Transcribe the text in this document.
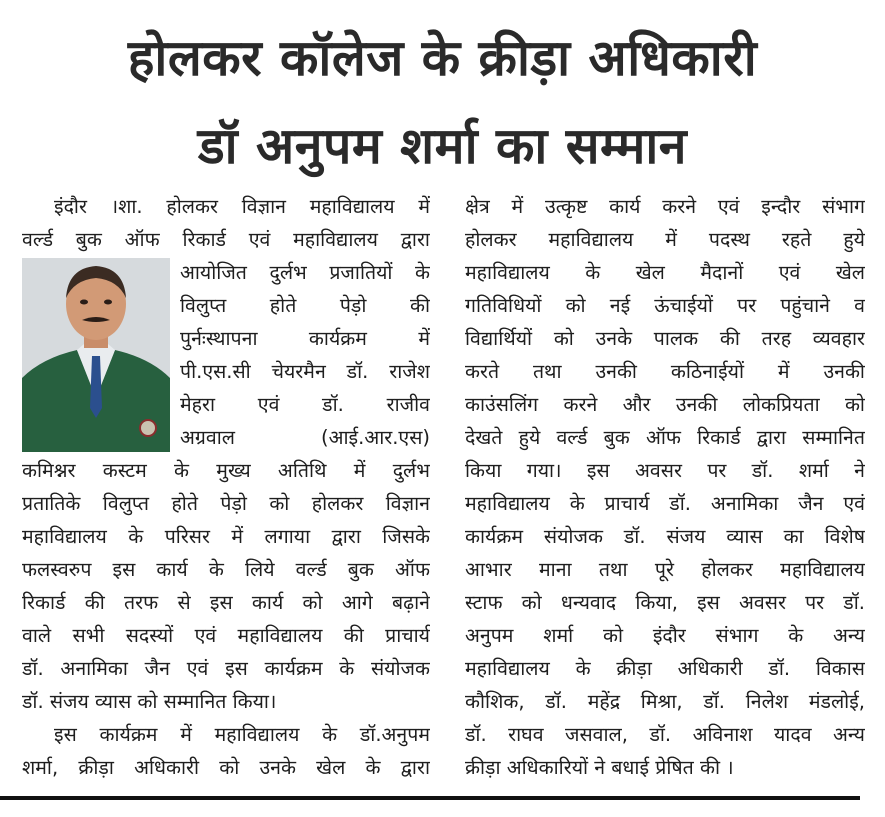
होलकर कॉलेज के क्रीड़ा अधिकारी
डॉ अनुपम शर्मा का सम्मान
इंदौर ।शा. होलकर विज्ञान महाविद्यालय में
वर्ल्ड बुक ऑफ रिकार्ड एवं महाविद्यालय द्वारा
आयोजित दुर्लभ प्रजातियों के
विलुप्त होते पेड़ो की
पुर्नःस्थापना कार्यक्रम में
पी.एस.सी चेयरमैन डॉ. राजेश
मेहरा एवं डॉ. राजीव
अग्रवाल (आई.आर.एस)
कमिश्नर कस्टम के मुख्य अतिथि में दुर्लभ
प्रतातिके विलुप्त होते पेड़ो को होलकर विज्ञान
महाविद्यालय के परिसर में लगाया द्वारा जिसके
फलस्वरुप इस कार्य के लिये वर्ल्ड बुक ऑफ
रिकार्ड की तरफ से इस कार्य को आगे बढ़ाने
वाले सभी सदस्यों एवं महाविद्यालय की प्राचार्य
डॉ. अनामिका जैन एवं इस कार्यक्रम के संयोजक
डॉ. संजय व्यास को सम्मानित किया।
इस कार्यक्रम में महाविद्यालय के डॉ.अनुपम
शर्मा, क्रीड़ा अधिकारी को उनके खेल के द्वारा
क्षेत्र में उत्कृष्ट कार्य करने एवं इन्दौर संभाग
होलकर महाविद्यालय में पदस्थ रहते हुये
महाविद्यालय के खेल मैदानों एवं खेल
गतिविधियों को नई ऊंचाईयों पर पहुंचाने व
विद्यार्थियों को उनके पालक की तरह व्यवहार
करते तथा उनकी कठिनाईयों में उनकी
काउंसलिंग करने और उनकी लोकप्रियता को
देखते हुये वर्ल्ड बुक ऑफ रिकार्ड द्वारा सम्मानित
किया गया। इस अवसर पर डॉ. शर्मा ने
महाविद्यालय के प्राचार्य डॉ. अनामिका जैन एवं
कार्यक्रम संयोजक डॉ. संजय व्यास का विशेष
आभार माना तथा पूरे होलकर महाविद्यालय
स्टाफ को धन्यवाद किया, इस अवसर पर डॉ.
अनुपम शर्मा को इंदौर संभाग के अन्य
महाविद्यालय के क्रीड़ा अधिकारी डॉ. विकास
कौशिक, डॉ. महेंद्र मिश्रा, डॉ. निलेश मंडलोई,
डॉ. राघव जसवाल, डॉ. अविनाश यादव अन्य
क्रीड़ा अधिकारियों ने बधाई प्रेषित की ।
